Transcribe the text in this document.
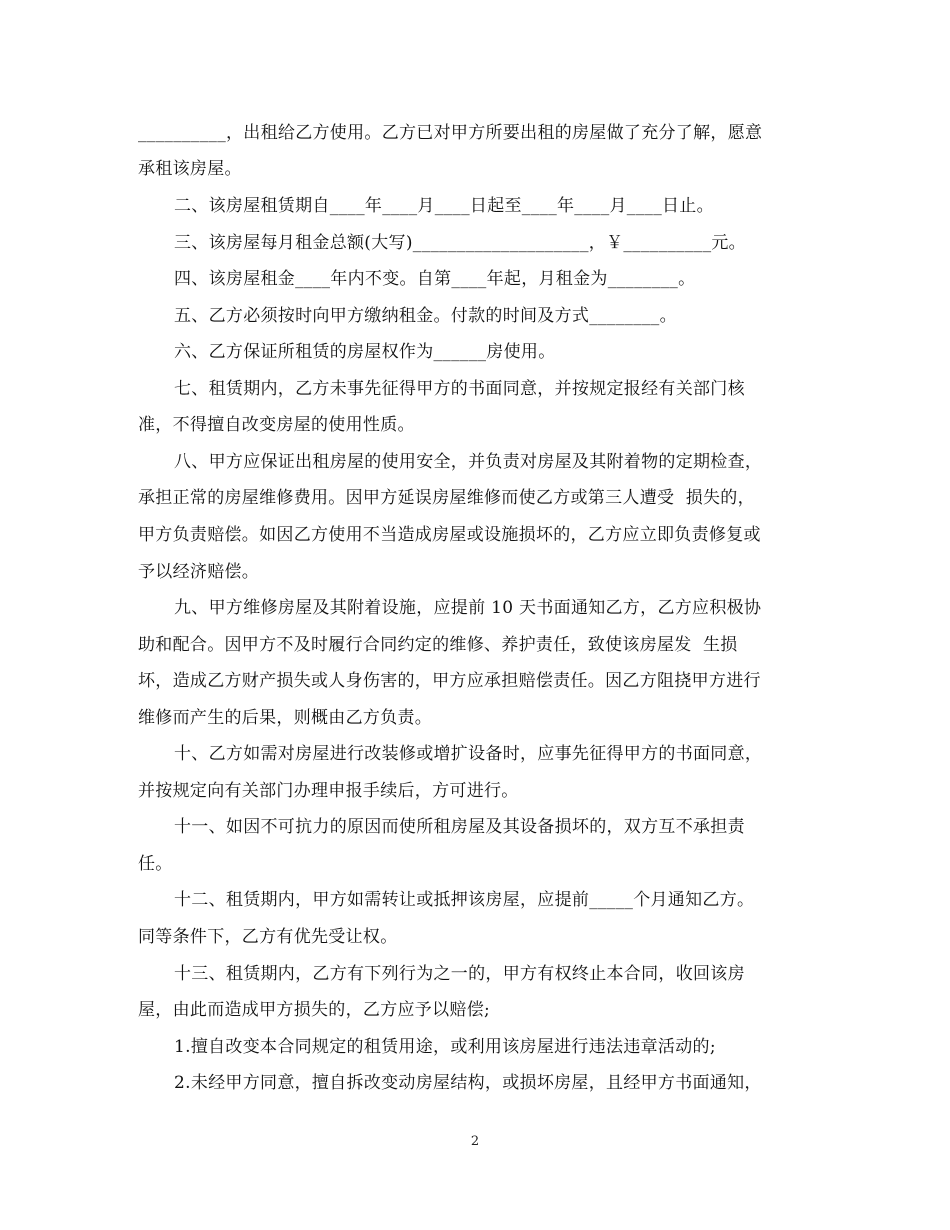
__________，出租给乙方使用。乙方已对甲方所要出租的房屋做了充分了解，愿意
承租该房屋。
二、该房屋租赁期自____年____月____日起至____年____月____日止。
三、该房屋每月租金总额(大写)____________________，￥__________元。
四、该房屋租金____年内不变。自第____年起，月租金为________。
五、乙方必须按时向甲方缴纳租金。付款的时间及方式________。
六、乙方保证所租赁的房屋权作为______房使用。
七、租赁期内，乙方未事先征得甲方的书面同意，并按规定报经有关部门核
准，不得擅自改变房屋的使用性质。
八、甲方应保证出租房屋的使用安全，并负责对房屋及其附着物的定期检查，
承担正常的房屋维修费用。因甲方延误房屋维修而使乙方或第三人遭受  损失的，
甲方负责赔偿。如因乙方使用不当造成房屋或设施损坏的，乙方应立即负责修复或
予以经济赔偿。
九、甲方维修房屋及其附着设施，应提前 10 天书面通知乙方，乙方应积极协
助和配合。因甲方不及时履行合同约定的维修、养护责任，致使该房屋发  生损
坏，造成乙方财产损失或人身伤害的，甲方应承担赔偿责任。因乙方阻挠甲方进行
维修而产生的后果，则概由乙方负责。
十、乙方如需对房屋进行改装修或增扩设备时，应事先征得甲方的书面同意，
并按规定向有关部门办理申报手续后，方可进行。
十一、如因不可抗力的原因而使所租房屋及其设备损坏的，双方互不承担责
任。
十二、租赁期内，甲方如需转让或抵押该房屋，应提前_____个月通知乙方。
同等条件下，乙方有优先受让权。
十三、租赁期内，乙方有下列行为之一的，甲方有权终止本合同，收回该房
屋，由此而造成甲方损失的，乙方应予以赔偿;
1.擅自改变本合同规定的租赁用途，或利用该房屋进行违法违章活动的;
2.未经甲方同意，擅自拆改变动房屋结构，或损坏房屋，且经甲方书面通知，
2
